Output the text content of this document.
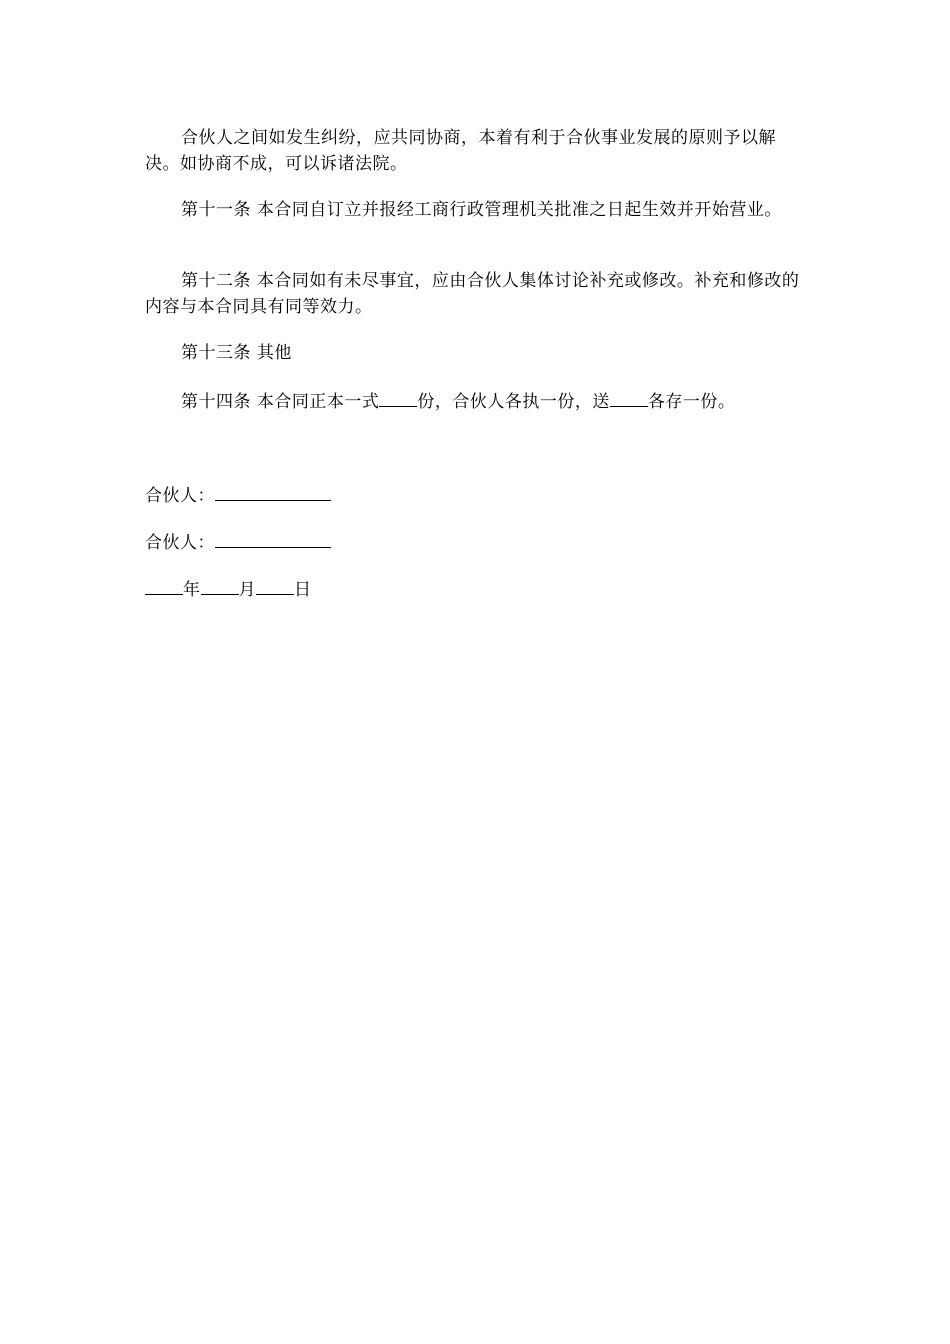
合伙人之间如发生纠纷，应共同协商，本着有利于合伙事业发展的原则予以解决。如协商不成，可以诉诸法院。

第十一条 本合同自订立并报经工商行政管理机关批准之日起生效并开始营业。

第十二条 本合同如有未尽事宜，应由合伙人集体讨论补充或修改。补充和修改的内容与本合同具有同等效力。

第十三条 其他

第十四条 本合同正本一式 份，合伙人各执一份，送 各存一份。

合伙人：

合伙人：

年 月 日
